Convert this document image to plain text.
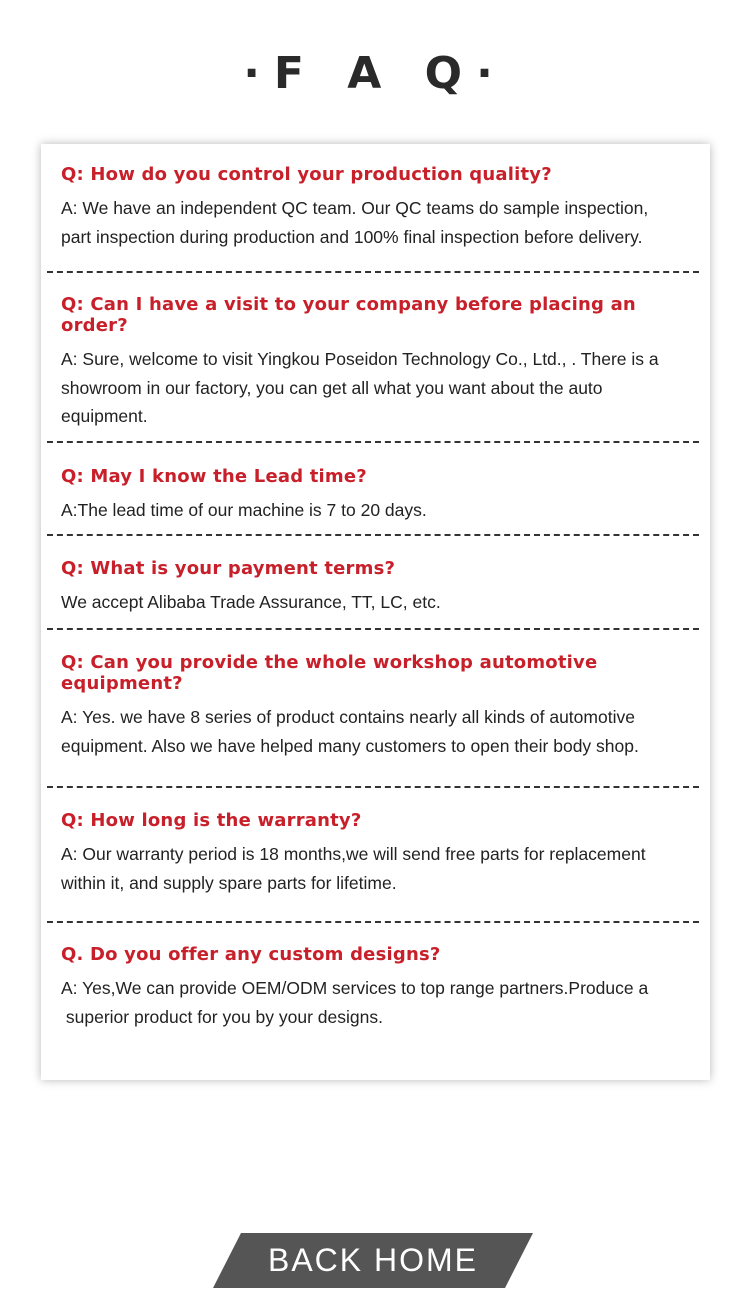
·F A Q·

Q: How do you control your production quality?

A: We have an independent QC team. Our QC teams do sample inspection,
part inspection during production and 100% final inspection before delivery.

Q: Can I have a visit to your company before placing an
order?

A: Sure, welcome to visit Yingkou Poseidon Technology Co., Ltd., . There is a
showroom in our factory, you can get all what you want about the auto
equipment.

Q: May I know the Lead time?

A:The lead time of our machine is 7 to 20 days.

Q: What is your payment terms?

We accept Alibaba Trade Assurance, TT, LC, etc.

Q: Can you provide the whole workshop automotive
equipment?

A: Yes. we have 8 series of product contains nearly all kinds of automotive
equipment. Also we have helped many customers to open their body shop.

Q: How long is the warranty?

A: Our warranty period is 18 months,we will send free parts for replacement
within it, and supply spare parts for lifetime.

Q. Do you offer any custom designs?

A: Yes,We can provide OEM/ODM services to top range partners.Produce a
superior product for you by your designs.

BACK HOME
